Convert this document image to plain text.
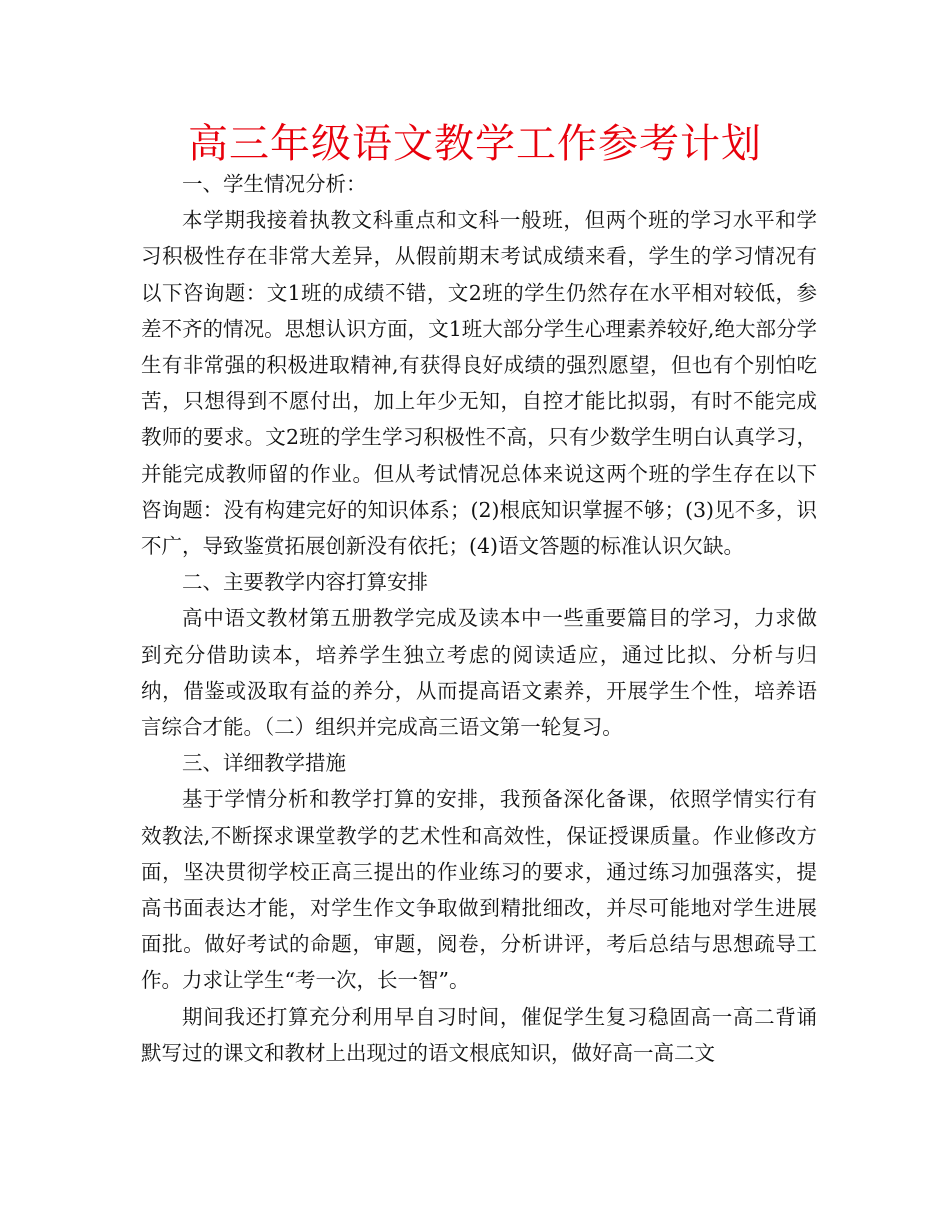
高三年级语文教学工作参考计划

一、学生情况分析：

本学期我接着执教文科重点和文科一般班，但两个班的学习水平和学习积极性存在非常大差异，从假前期末考试成绩来看，学生的学习情况有以下咨询题：文1班的成绩不错，文2班的学生仍然存在水平相对较低，参差不齐的情况。思想认识方面，文1班大部分学生心理素养较好,绝大部分学生有非常强的积极进取精神,有获得良好成绩的强烈愿望，但也有个别怕吃苦，只想得到不愿付出，加上年少无知，自控才能比拟弱，有时不能完成教师的要求。文2班的学生学习积极性不高，只有少数学生明白认真学习，并能完成教师留的作业。但从考试情况总体来说这两个班的学生存在以下咨询题：没有构建完好的知识体系；(2)根底知识掌握不够；(3)见不多，识不广，导致鉴赏拓展创新没有依托；(4)语文答题的标准认识欠缺。

二、主要教学内容打算安排

高中语文教材第五册教学完成及读本中一些重要篇目的学习，力求做到充分借助读本，培养学生独立考虑的阅读适应，通过比拟、分析与归纳，借鉴或汲取有益的养分，从而提高语文素养，开展学生个性，培养语言综合才能。（二）组织并完成高三语文第一轮复习。

三、详细教学措施

基于学情分析和教学打算的安排，我预备深化备课，依照学情实行有效教法,不断探求课堂教学的艺术性和高效性，保证授课质量。作业修改方面，坚决贯彻学校正高三提出的作业练习的要求，通过练习加强落实，提高书面表达才能，对学生作文争取做到精批细改，并尽可能地对学生进展面批。做好考试的命题，审题，阅卷，分析讲评，考后总结与思想疏导工作。力求让学生“考一次，长一智”。

期间我还打算充分利用早自习时间，催促学生复习稳固高一高二背诵默写过的课文和教材上出现过的语文根底知识，做好高一高二文
